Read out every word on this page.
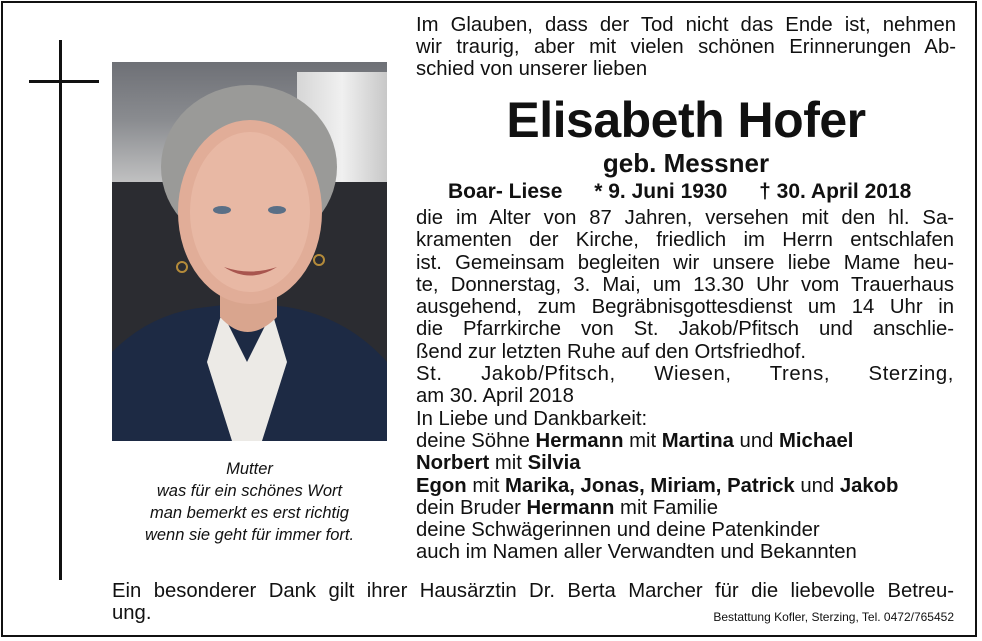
Mutter
was für ein schönes Wort
man bemerkt es erst richtig
wenn sie geht für immer fort.
Im Glauben, dass der Tod nicht das Ende ist, nehmen
wir traurig, aber mit vielen schönen Erinnerungen Ab-
schied von unserer lieben
Elisabeth Hofer
geb. Messner
Boar- Liese * 9. Juni 1930 † 30. April 2018
die im Alter von 87 Jahren, versehen mit den hl. Sa-
kramenten der Kirche, friedlich im Herrn entschlafen
ist. Gemeinsam begleiten wir unsere liebe Mame heu-
te, Donnerstag, 3. Mai, um 13.30 Uhr vom Trauerhaus
ausgehend, zum Begräbnisgottesdienst um 14 Uhr in
die Pfarrkirche von St. Jakob/Pfitsch und anschlie-
ßend zur letzten Ruhe auf den Ortsfriedhof.
St. Jakob/Pfitsch, Wiesen, Trens, Sterzing,
am 30. April 2018
In Liebe und Dankbarkeit:
deine Söhne Hermann mit Martina und Michael
Norbert mit Silvia
Egon mit Marika, Jonas, Miriam, Patrick und Jakob
dein Bruder Hermann mit Familie
deine Schwägerinnen und deine Patenkinder
auch im Namen aller Verwandten und Bekannten
Ein besonderer Dank gilt ihrer Hausärztin Dr. Berta Marcher für die liebevolle Betreu-
ung.	Bestattung Kofler, Sterzing, Tel. 0472/765452
